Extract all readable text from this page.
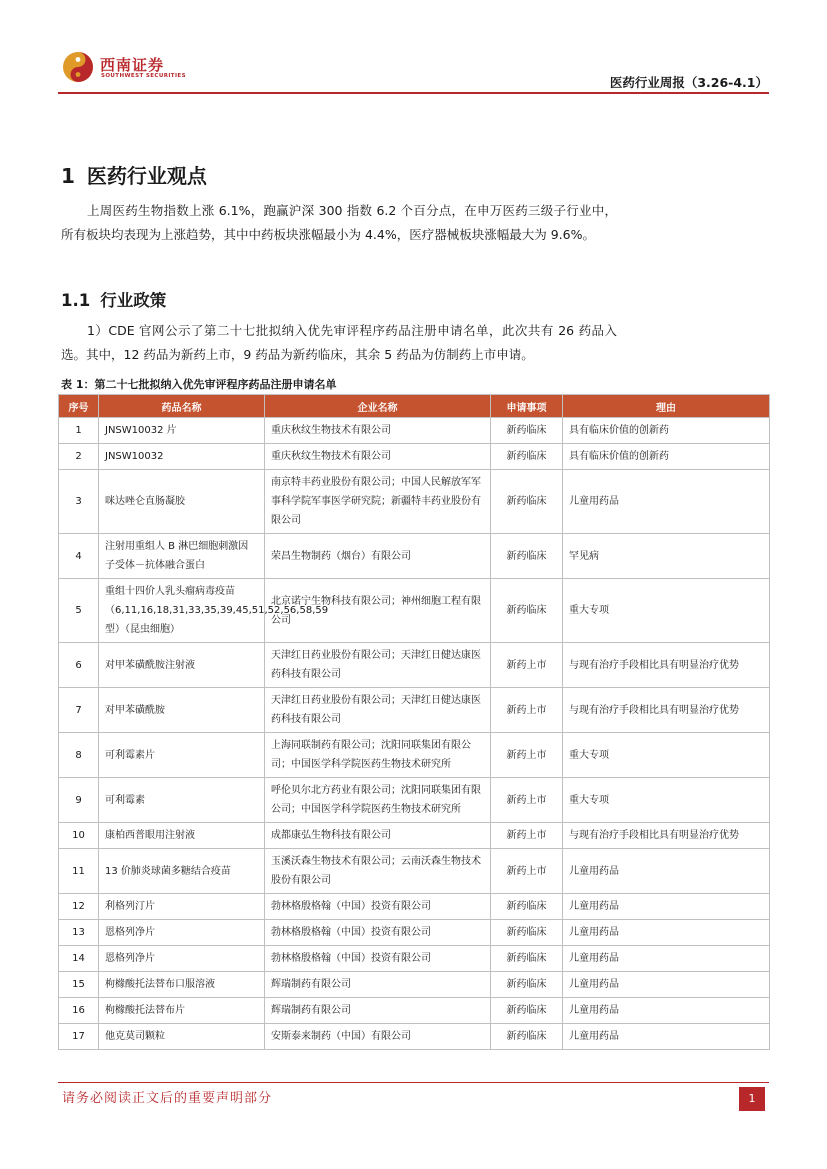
西南证券
SOUTHWEST SECURITIES	医药行业周报（3.26-4.1）
1 医药行业观点
上周医药生物指数上涨 6.1%，跑赢沪深 300 指数 6.2 个百分点，在申万医药三级子行业中，所有板块均表现为上涨趋势，其中中药板块涨幅最小为 4.4%，医疗器械板块涨幅最大为 9.6%。
1.1 行业政策
1）CDE 官网公示了第二十七批拟纳入优先审评程序药品注册申请名单，此次共有 26 药品入选。其中，12 药品为新药上市，9 药品为新药临床，其余 5 药品为仿制药上市申请。
表 1：第二十七批拟纳入优先审评程序药品注册申请名单
序号	药品名称	企业名称	申请事项	理由
1	JNSW10032 片	重庆秋纹生物技术有限公司	新药临床	具有临床价值的创新药
2	JNSW10032	重庆秋纹生物技术有限公司	新药临床	具有临床价值的创新药
3	咪达唑仑直肠凝胶	南京特丰药业股份有限公司；中国人民解放军军事科学院军事医学研究院；新疆特丰药业股份有限公司	新药临床	儿童用药品
4	注射用重组人 B 淋巴细胞刺激因子受体－抗体融合蛋白	荣昌生物制药（烟台）有限公司	新药临床	罕见病
5	重组十四价人乳头瘤病毒疫苗（6,11,16,18,31,33,35,39,45,51,52,56,58,59 型）（昆虫细胞）	北京诺宁生物科技有限公司；神州细胞工程有限公司	新药临床	重大专项
6	对甲苯磺酰胺注射液	天津红日药业股份有限公司；天津红日健达康医药科技有限公司	新药上市	与现有治疗手段相比具有明显治疗优势
7	对甲苯磺酰胺	天津红日药业股份有限公司；天津红日健达康医药科技有限公司	新药上市	与现有治疗手段相比具有明显治疗优势
8	可利霉素片	上海同联制药有限公司；沈阳同联集团有限公司；中国医学科学院医药生物技术研究所	新药上市	重大专项
9	可利霉素	呼伦贝尔北方药业有限公司；沈阳同联集团有限公司；中国医学科学院医药生物技术研究所	新药上市	重大专项
10	康柏西普眼用注射液	成都康弘生物科技有限公司	新药上市	与现有治疗手段相比具有明显治疗优势
11	13 价肺炎球菌多糖结合疫苗	玉溪沃森生物技术有限公司；云南沃森生物技术股份有限公司	新药上市	儿童用药品
12	利格列汀片	勃林格殷格翰（中国）投资有限公司	新药临床	儿童用药品
13	恩格列净片	勃林格殷格翰（中国）投资有限公司	新药临床	儿童用药品
14	恩格列净片	勃林格殷格翰（中国）投资有限公司	新药临床	儿童用药品
15	枸橼酸托法替布口服溶液	辉瑞制药有限公司	新药临床	儿童用药品
16	枸橼酸托法替布片	辉瑞制药有限公司	新药临床	儿童用药品
17	他克莫司颗粒	安斯泰来制药（中国）有限公司	新药临床	儿童用药品
请务必阅读正文后的重要声明部分	1
